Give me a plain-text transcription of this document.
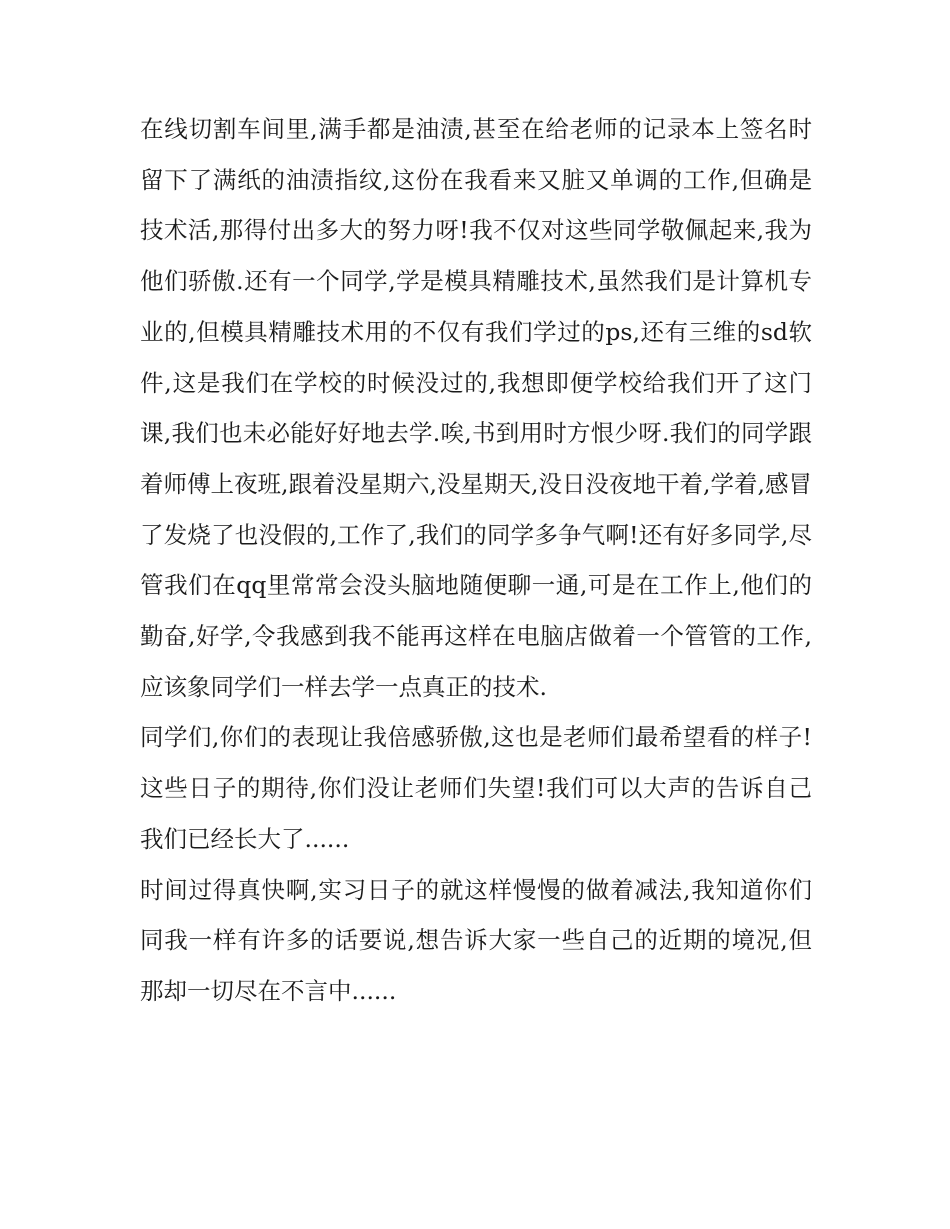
在线切割车间里,满手都是油渍,甚至在给老师的记录本上签名时留下了满纸的油渍指纹,这份在我看来又脏又单调的工作,但确是技术活,那得付出多大的努力呀!我不仅对这些同学敬佩起来,我为他们骄傲.还有一个同学,学是模具精雕技术,虽然我们是计算机专业的,但模具精雕技术用的不仅有我们学过的ps,还有三维的sd软件,这是我们在学校的时候没过的,我想即便学校给我们开了这门课,我们也未必能好好地去学.唉,书到用时方恨少呀.我们的同学跟着师傅上夜班,跟着没星期六,没星期天,没日没夜地干着,学着,感冒了发烧了也没假的,工作了,我们的同学多争气啊!还有好多同学,尽管我们在qq里常常会没头脑地随便聊一通,可是在工作上,他们的勤奋,好学,令我感到我不能再这样在电脑店做着一个管管的工作,应该象同学们一样去学一点真正的技术.

同学们,你们的表现让我倍感骄傲,这也是老师们最希望看的样子!这些日子的期待,你们没让老师们失望!我们可以大声的告诉自己我们已经长大了......

时间过得真快啊,实习日子的就这样慢慢的做着减法,我知道你们同我一样有许多的话要说,想告诉大家一些自己的近期的境况,但那却一切尽在不言中......
